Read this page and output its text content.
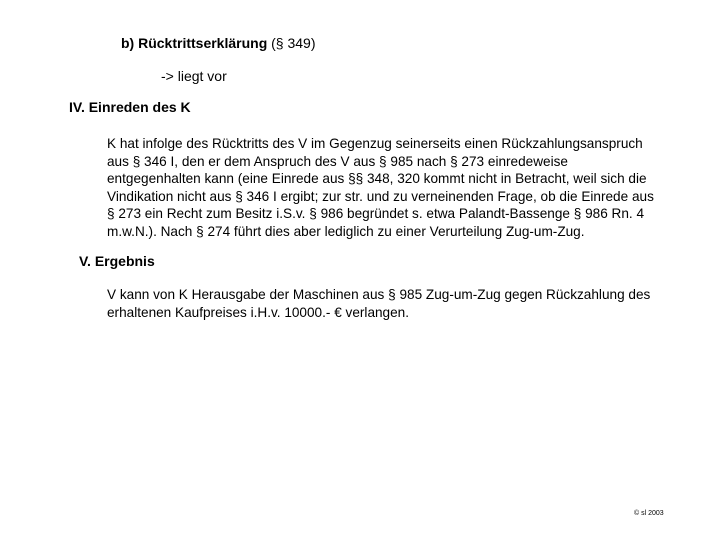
b) Rücktrittserklärung (§ 349)
-> liegt vor
IV. Einreden des K
K hat infolge des Rücktritts des V im Gegenzug seinerseits einen Rückzahlungsanspruch
aus § 346 I, den er dem Anspruch des V aus § 985 nach § 273 einredeweise
entgegenhalten kann (eine Einrede aus §§ 348, 320 kommt nicht in Betracht, weil sich die
Vindikation nicht aus § 346 I ergibt; zur str. und zu verneinenden Frage, ob die Einrede aus
§ 273 ein Recht zum Besitz i.S.v. § 986 begründet s. etwa Palandt-Bassenge § 986 Rn. 4
m.w.N.). Nach § 274 führt dies aber lediglich zu einer Verurteilung Zug-um-Zug.
V. Ergebnis
V kann von K Herausgabe der Maschinen aus § 985 Zug-um-Zug gegen Rückzahlung des
erhaltenen Kaufpreises i.H.v. 10000.- € verlangen.
© sl 2003
